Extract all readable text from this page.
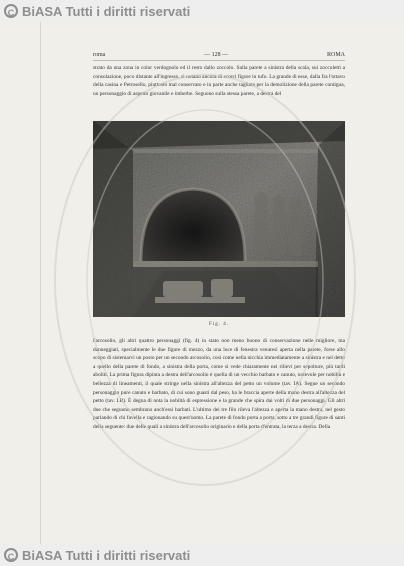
C BiASA Tutti i diritti riservati
roma	— 128 —	ROMA

strato da una zona in color verdognolo ed il resto dallo zoccolo. Sulla parete a sinistra della scala, sui zoccoletti a consolazione, poco distante all'ingresso, si notano ancora di scorci figure in tufo. La grande di esse, dalla fra l'ottavo della casina e Petrosello, piuttosto mal conservato e in parte anche tagliata per la demolizione della parete contigua, un personaggio di aspetto giovanile e imberbe. Seguono sulla stessa parete, a destra del

Fig. 4.

l'arcosolio, gli altri quattro personaggi (fig. 4) in stato non meno buono di conservazione nelle migliore, ma danneggiati, specialmente le due figure di mezzo, da una luce di fenestra venutesi aperta nella parete, forse allo scopo di sistemarvi un posto per un secondo arcosolio, così come nella nicchia immediatamente a sinistra e nel detto a quello della parete di fondo, a sinistra della porta, come si vede chiaramente nei rilievi per sepolture, più tardi aboliti. La prima figura dipinta a destra dell'arcosolio è quella di un vecchio barbato e canuto, notevole per nobiltà e bellezza di lineamenti, il quale stringe nella sinistra all'altezza del petto un volume (tav. IA). Segue un secondo personaggio pure canuto e barbato, di cui sono guasti dal peso, ha le braccia aperte della mano destra all'altezza del petto (tav. I.B). È degna di nota la nobiltà di espressione e la grande che spira dai volti di due personaggi. Gli altri due che seguono sembrano anch'essi barbati. L'ultimo dei tre filo rileva l'altezza e aperta la mano destra, nel gesto parlando di chi favella e ragionando su quest'uomo. La parete di fondo porta a porta, sotto a tre grandi figure di santi della seguente: due delle quali a sinistra dell'arcosolio originario e della porta d'entrata, la terza a destra. Della

C BiASA Tutti i diritti riservati
